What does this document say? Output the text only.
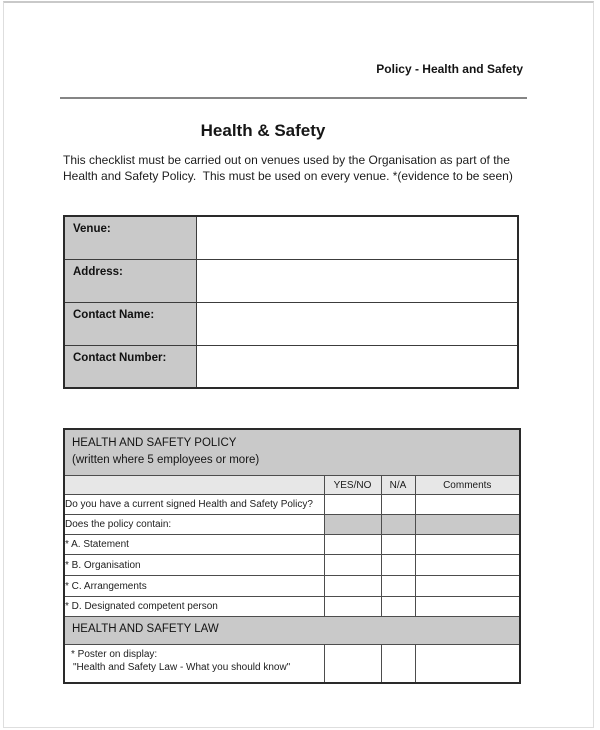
Policy - Health and Safety
Health & Safety
This checklist must be carried out on venues used by the Organisation as part of the
Health and Safety Policy.  This must be used on every venue. *(evidence to be seen)
Venue:	
Address:	
Contact Name:	
Contact Number:	
HEALTH AND SAFETY POLICY
(written where 5 employees or more)			

	YES/NO	N/A	Comments
Do you have a current signed Health and Safety Policy?			
Does the policy contain:			
* A. Statement			
* B. Organisation			
* C. Arrangements			
* D. Designated competent person			
HEALTH AND SAFETY LAW			

* Poster on display:
"Health and Safety Law - What you should know"			
